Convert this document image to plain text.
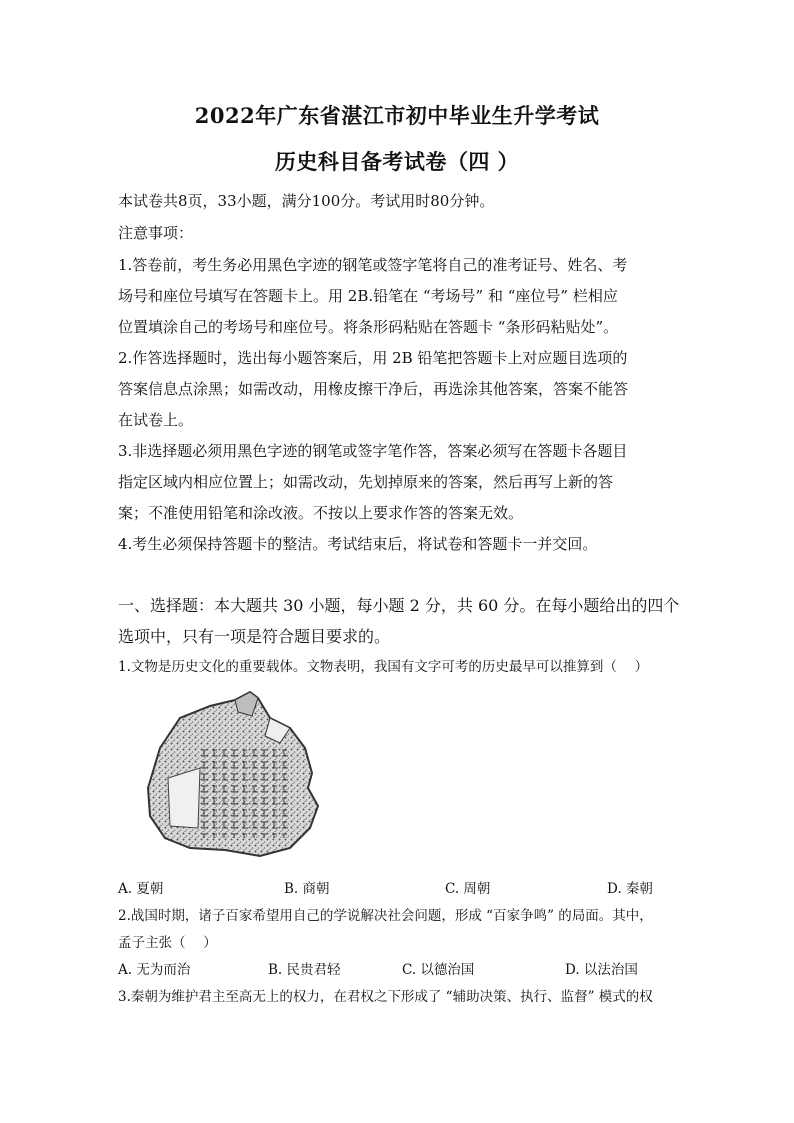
2022年广东省湛江市初中毕业生升学考试
历史科目备考试卷（四 ）
本试卷共8页，33小题，满分100分。考试用时80分钟。
注意事项：
1.答卷前，考生务必用黑色字迹的钢笔或签字笔将自己的准考证号、姓名、考
场号和座位号填写在答题卡上。用 2B.铅笔在 “考场号” 和 “座位号” 栏相应
位置填涂自己的考场号和座位号。将条形码粘贴在答题卡 “条形码粘贴处”。
2.作答选择题时，选出每小题答案后，用 2B 铅笔把答题卡上对应题目选项的
答案信息点涂黑；如需改动，用橡皮擦干净后，再选涂其他答案，答案不能答
在试卷上。
3.非选择题必须用黑色字迹的钢笔或签字笔作答，答案必须写在答题卡各题目
指定区域内相应位置上；如需改动，先划掉原来的答案，然后再写上新的答
案；不准使用铅笔和涂改液。不按以上要求作答的答案无效。
4.考生必须保持答题卡的整洁。考试结束后，将试卷和答题卡一并交回。
一、选择题：本大题共 30 小题，每小题 2 分，共 60 分。在每小题给出的四个
选项中，只有一项是符合题目要求的。
1.文物是历史文化的重要载体。文物表明，我国有文字可考的历史最早可以推算到（　 ）
A. 夏朝	B. 商朝	C. 周朝	D. 秦朝
2.战国时期，诸子百家希望用自己的学说解决社会问题，形成 “百家争鸣” 的局面。其中，
孟子主张（　 ）
A. 无为而治	B. 民贵君轻	C. 以德治国	D. 以法治国
3.秦朝为维护君主至高无上的权力，在君权之下形成了 “辅助决策、执行、监督” 模式的权
